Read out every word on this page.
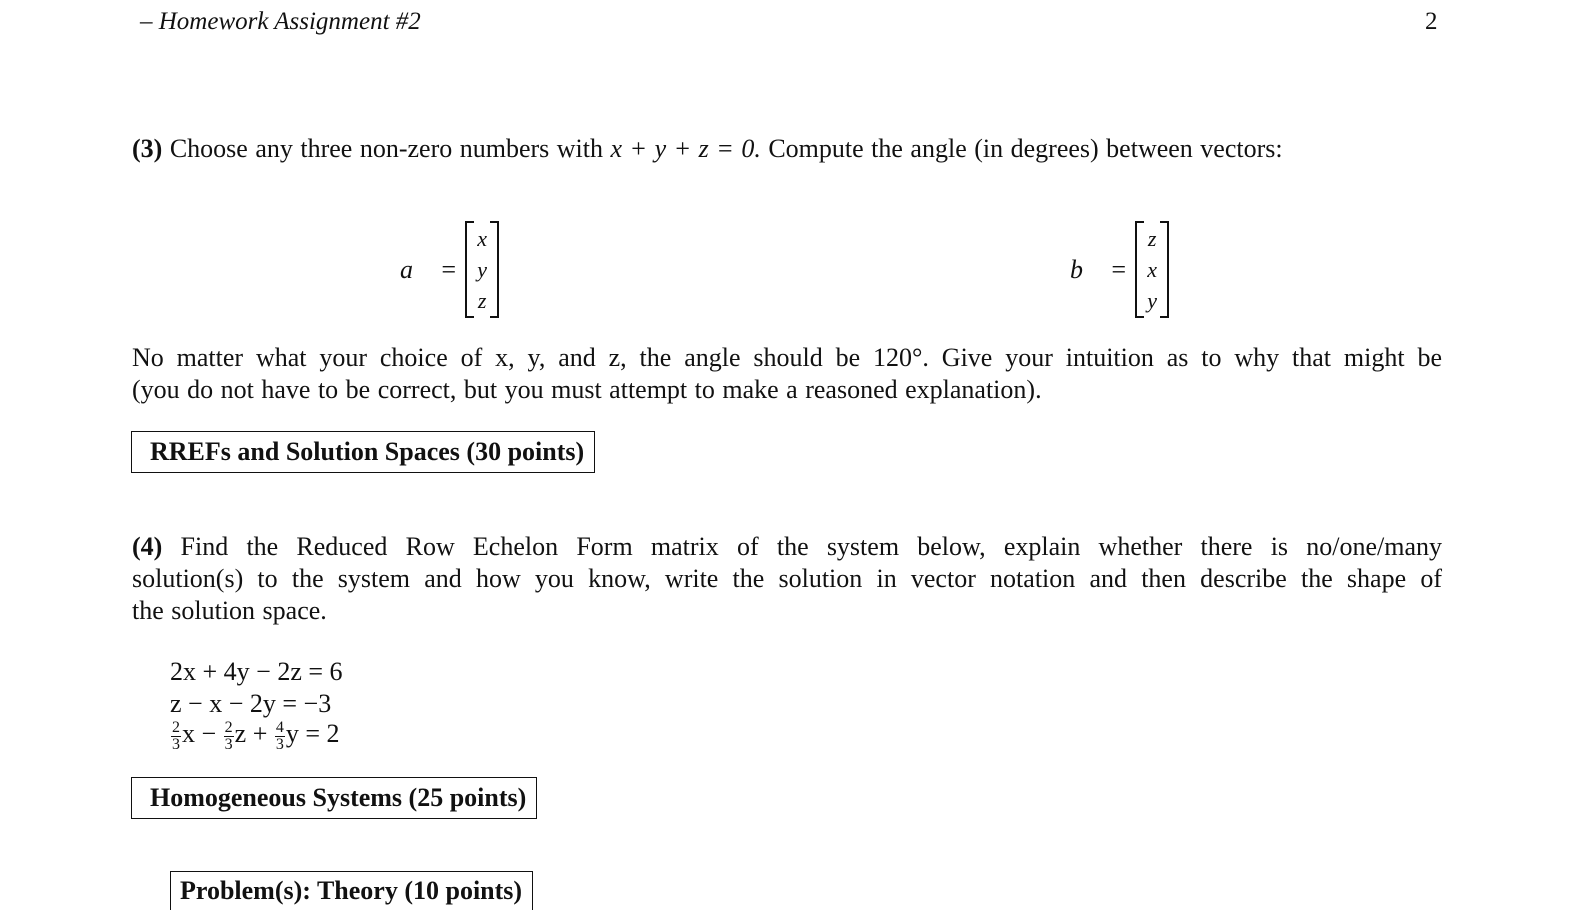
– Homework Assignment #2	2
(3) Choose any three non-zero numbers with x + y + z = 0. Compute the angle (in degrees) between vectors:
a⃗ =
x
y
z
b⃗ =
z
x
y
No matter what your choice of x, y, and z, the angle should be 120°. Give your intuition as to why that might be
(you do not have to be correct, but you must attempt to make a reasoned explanation).
RREFs and Solution Spaces (30 points)
(4) Find the Reduced Row Echelon Form matrix of the system below, explain whether there is no/one/many
solution(s) to the system and how you know, write the solution in vector notation and then describe the shape of
the solution space.
2x + 4y − 2z = 6
z − x − 2y = −3
$\frac{2}{3}$ $x - \frac{2}{3}$ $z + \frac{4}{3}$ y = 2
Homogeneous Systems (25 points)
Problem(s): Theory (10 points)
